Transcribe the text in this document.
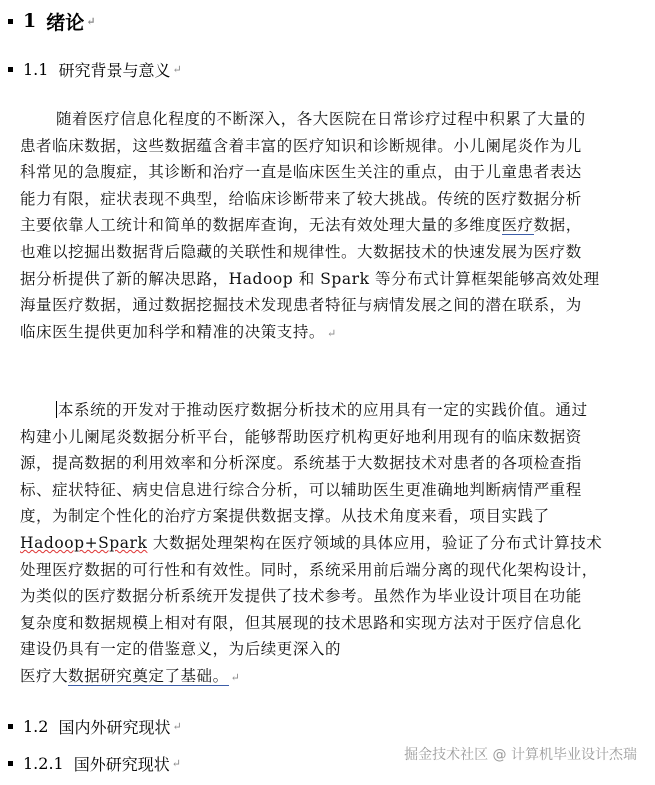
1 绪论 ↵
1.1 研究背景与意义 ↵
随着医疗信息化程度的不断深入，各大医院在日常诊疗过程中积累了大量的
患者临床数据，这些数据蕴含着丰富的医疗知识和诊断规律。小儿阑尾炎作为儿
科常见的急腹症，其诊断和治疗一直是临床医生关注的重点，由于儿童患者表达
能力有限，症状表现不典型，给临床诊断带来了较大挑战。传统的医疗数据分析
主要依靠人工统计和简单的数据库查询，无法有效处理大量的多维度医疗数据，
也难以挖掘出数据背后隐藏的关联性和规律性。大数据技术的快速发展为医疗数
据分析提供了新的解决思路，Hadoop 和 Spark 等分布式计算框架能够高效处理
海量医疗数据，通过数据挖掘技术发现患者特征与病情发展之间的潜在联系，为
临床医生提供更加科学和精准的决策支持。 ↵
本系统的开发对于推动医疗数据分析技术的应用具有一定的实践价值。通过
构建小儿阑尾炎数据分析平台，能够帮助医疗机构更好地利用现有的临床数据资
源，提高数据的利用效率和分析深度。系统基于大数据技术对患者的各项检查指
标、症状特征、病史信息进行综合分析，可以辅助医生更准确地判断病情严重程
度，为制定个性化的治疗方案提供数据支撑。从技术角度来看，项目实践了
Hadoop+Spark 大数据处理架构在医疗领域的具体应用，验证了分布式计算技术
处理医疗数据的可行性和有效性。同时，系统采用前后端分离的现代化架构设计，
为类似的医疗数据分析系统开发提供了技术参考。虽然作为毕业设计项目在功能
复杂度和数据规模上相对有限，但其展现的技术思路和实现方法对于医疗信息化
建设仍具有一定的借鉴意义，为后续更深入的
医疗大数据研究奠定了基础。 ↵
1.2 国内外研究现状 ↵
1.2.1 国外研究现状 ↵	掘金技术社区 @ 计算机毕业设计杰瑞
